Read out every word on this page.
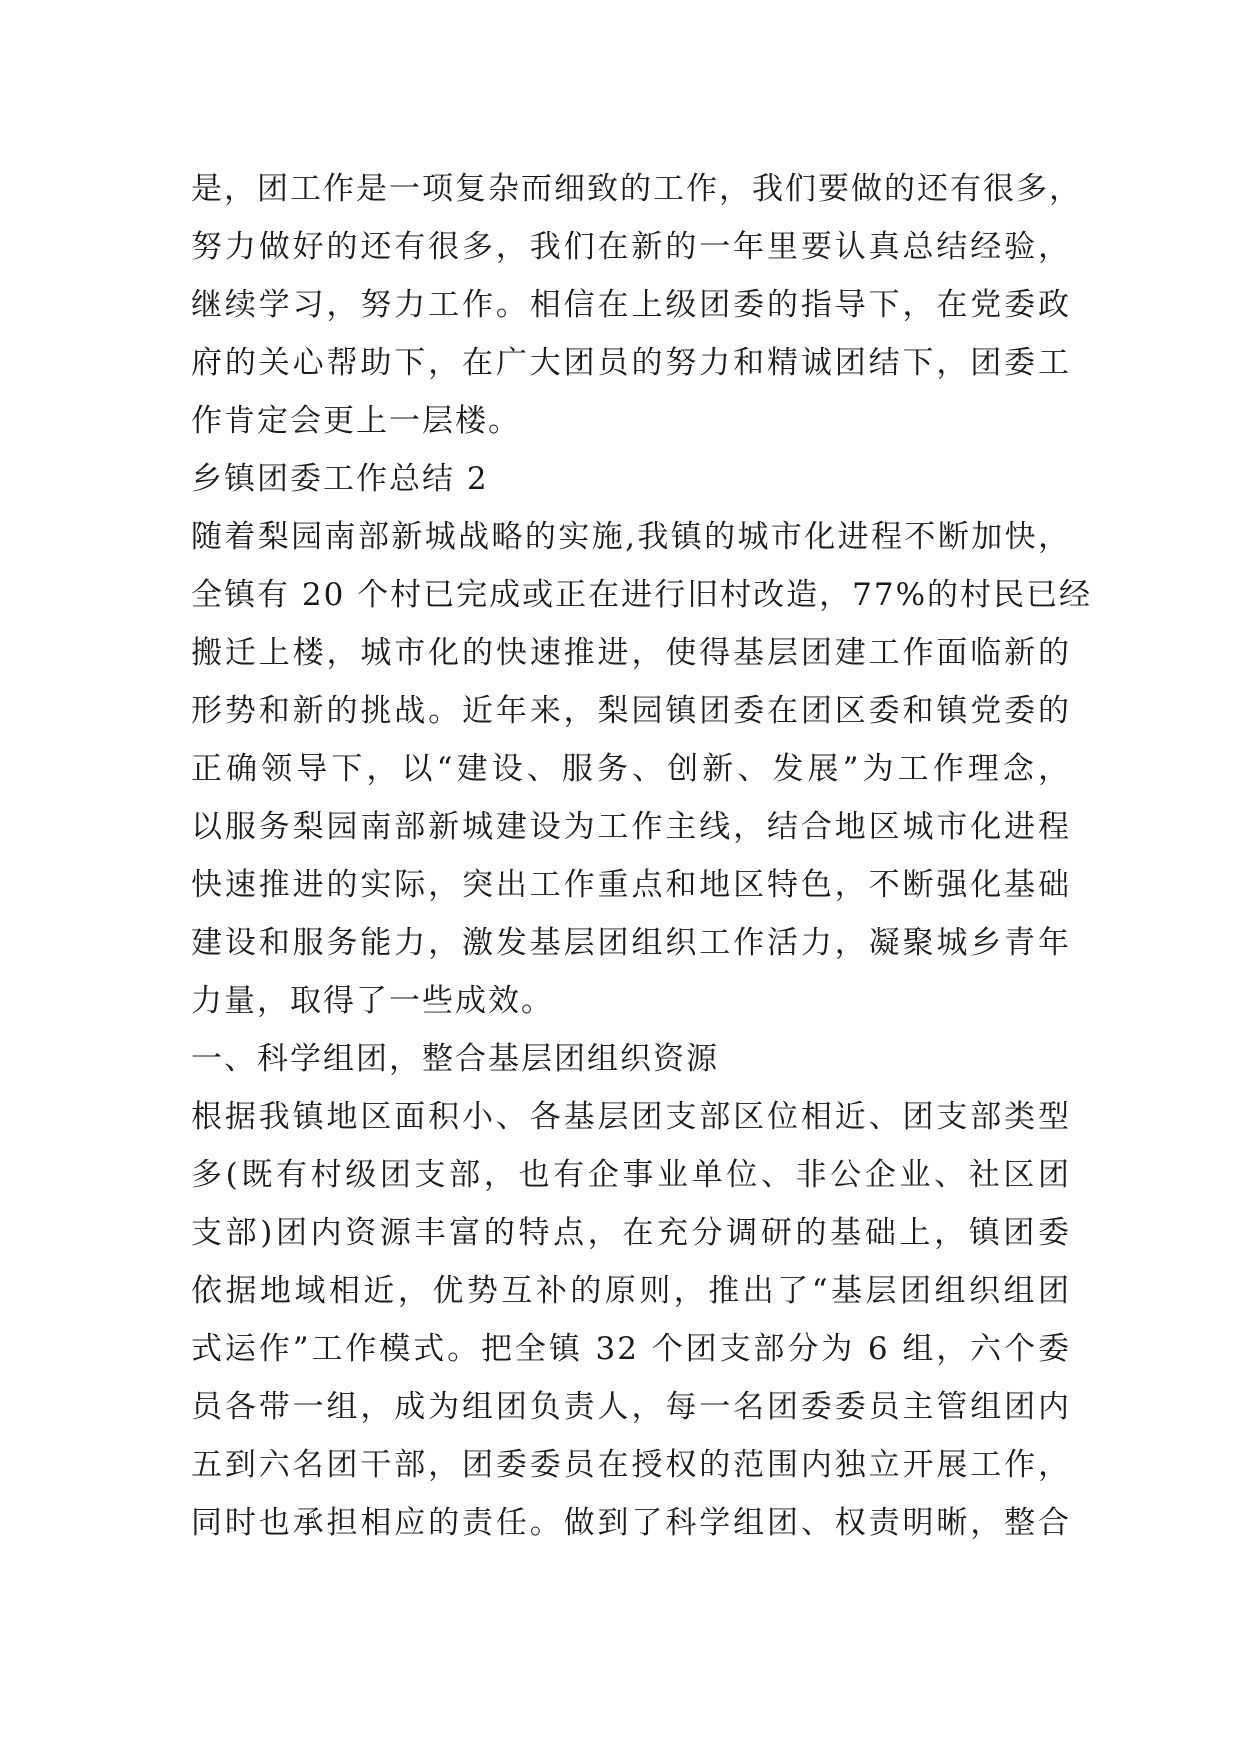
是，团工作是一项复杂而细致的工作，我们要做的还有很多，
努力做好的还有很多，我们在新的一年里要认真总结经验，
继续学习，努力工作。相信在上级团委的指导下，在党委政
府的关心帮助下，在广大团员的努力和精诚团结下，团委工
作肯定会更上一层楼。
乡镇团委工作总结 2
随着梨园南部新城战略的实施,我镇的城市化进程不断加快，
全镇有 20 个村已完成或正在进行旧村改造，77%的村民已经
搬迁上楼，城市化的快速推进，使得基层团建工作面临新的
形势和新的挑战。近年来，梨园镇团委在团区委和镇党委的
正确领导下，以“建设、服务、创新、发展”为工作理念，
以服务梨园南部新城建设为工作主线，结合地区城市化进程
快速推进的实际，突出工作重点和地区特色，不断强化基础
建设和服务能力，激发基层团组织工作活力，凝聚城乡青年
力量，取得了一些成效。
一、科学组团，整合基层团组织资源
根据我镇地区面积小、各基层团支部区位相近、团支部类型
多(既有村级团支部，也有企事业单位、非公企业、社区团
支部)团内资源丰富的特点，在充分调研的基础上，镇团委
依据地域相近，优势互补的原则，推出了“基层团组织组团
式运作”工作模式。把全镇 32 个团支部分为 6 组，六个委
员各带一组，成为组团负责人，每一名团委委员主管组团内
五到六名团干部，团委委员在授权的范围内独立开展工作，
同时也承担相应的责任。做到了科学组团、权责明晰，整合
